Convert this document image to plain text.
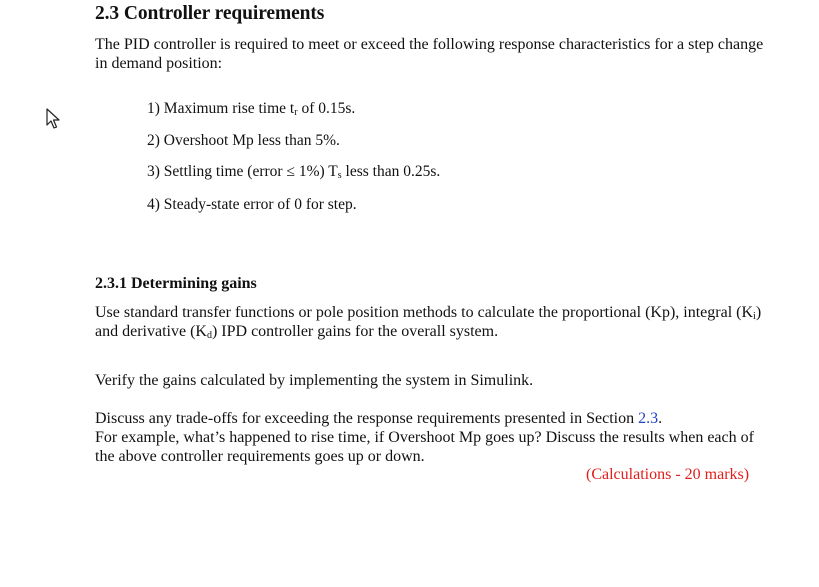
2.3 Controller requirements
The PID controller is required to meet or exceed the following response characteristics for a step change in demand position:
1) Maximum rise time $t_r$ of 0.15s.
2) Overshoot Mp less than 5%.
3) Settling time (error ≤ 1%) $T_s$ less than 0.25s.
4) Steady-state error of 0 for step.
2.3.1 Determining gains
Use standard transfer functions or pole position methods to calculate the proportional (Kp), integral $(K_i)$ and derivative $(K_d)$ IPD controller gains for the overall system.
Verify the gains calculated by implementing the system in Simulink.
Discuss any trade-offs for exceeding the response requirements presented in Section 2.3.
For example, what’s happened to rise time, if Overshoot Mp goes up? Discuss the results when each of the above controller requirements goes up or down.
(Calculations - 20 marks)
